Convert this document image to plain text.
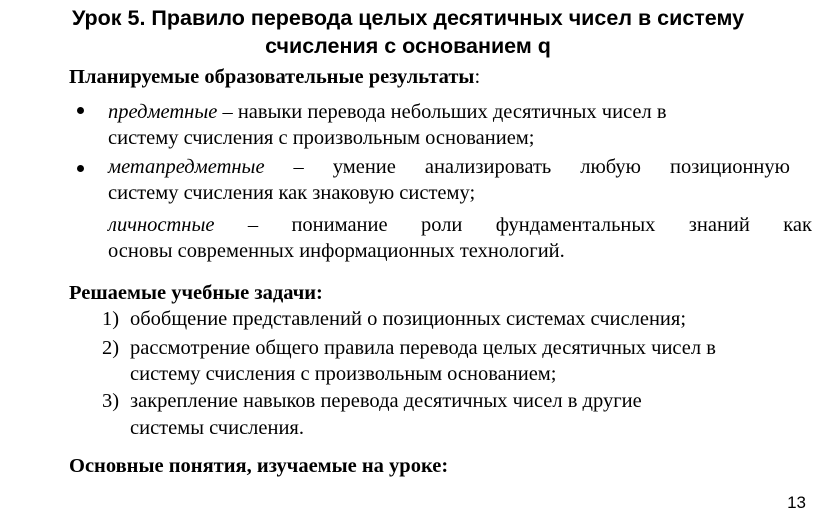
Урок 5. Правило перевода целых десятичных чисел в систему
счисления с основанием q
Планируемые образовательные результаты:
предметные – навыки перевода небольших десятичных чисел в
систему счисления с произвольным основанием;
метапредметные – умение анализировать любую позиционную
систему счисления как знаковую систему;
личностные – понимание роли фундаментальных знаний как
основы современных информационных технологий.
Решаемые учебные задачи:
1) обобщение представлений о позиционных системах счисления;
2) рассмотрение общего правила перевода целых десятичных чисел в
систему счисления с произвольным основанием;
3) закрепление навыков перевода десятичных чисел в другие
системы счисления.
Основные понятия, изучаемые на уроке:
13
